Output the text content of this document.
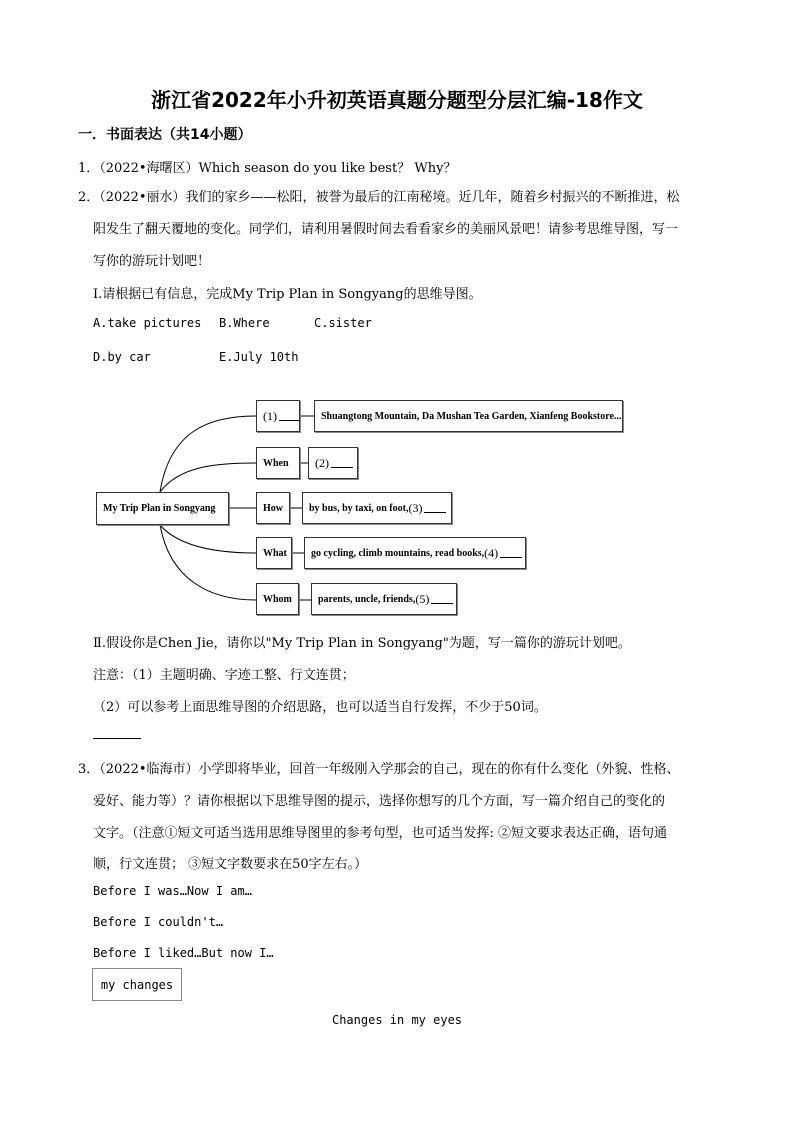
浙江省2022年小升初英语真题分题型分层汇编-18作文
一．书面表达（共14小题）
1．（2022•海曙区）Which season do you like best？ Why？
2．（2022•丽水）我们的家乡——松阳，被誉为最后的江南秘境。近几年，随着乡村振兴的不断推进，松
阳发生了翻天覆地的变化。同学们，请利用暑假时间去看看家乡的美丽风景吧！请参考思维导图，写一
写你的游玩计划吧！
Ⅰ.请根据已有信息，完成My Trip Plan in Songyang的思维导图。
A.take pictures B.Where	C.sister
D.by car	E.July 10th
My Trip Plan in Songyang
(1)	Shuangtong Mountain, Da Mushan Tea Garden, Xianfeng Bookstore...
When (2)
How	by bus, by taxi, on foot, (3)
What go cycling, climb mountains, read books, (4)
Whom	parents, uncle, friends, (5)
Ⅱ.假设你是Chen Jie，请你以"My Trip Plan in Songyang"为题，写一篇你的游玩计划吧。
注意：（1）主题明确、字迹工整、行文连贯；
（2）可以参考上面思维导图的介绍思路，也可以适当自行发挥，不少于50词。
3．（2022•临海市）小学即将毕业，回首一年级刚入学那会的自己，现在的你有什么变化（外貌、性格、
爱好、能力等）？请你根据以下思维导图的提示，选择你想写的几个方面，写一篇介绍自己的变化的
文字。（注意①短文可适当选用思维导图里的参考句型，也可适当发挥: ②短文要求表达正确，语句通
顺，行文连贯； ③短文字数要求在50字左右。）
Before I was…Now I am…
Before I couldn't…
Before I liked…But now I…
my changes
Changes in my eyes
